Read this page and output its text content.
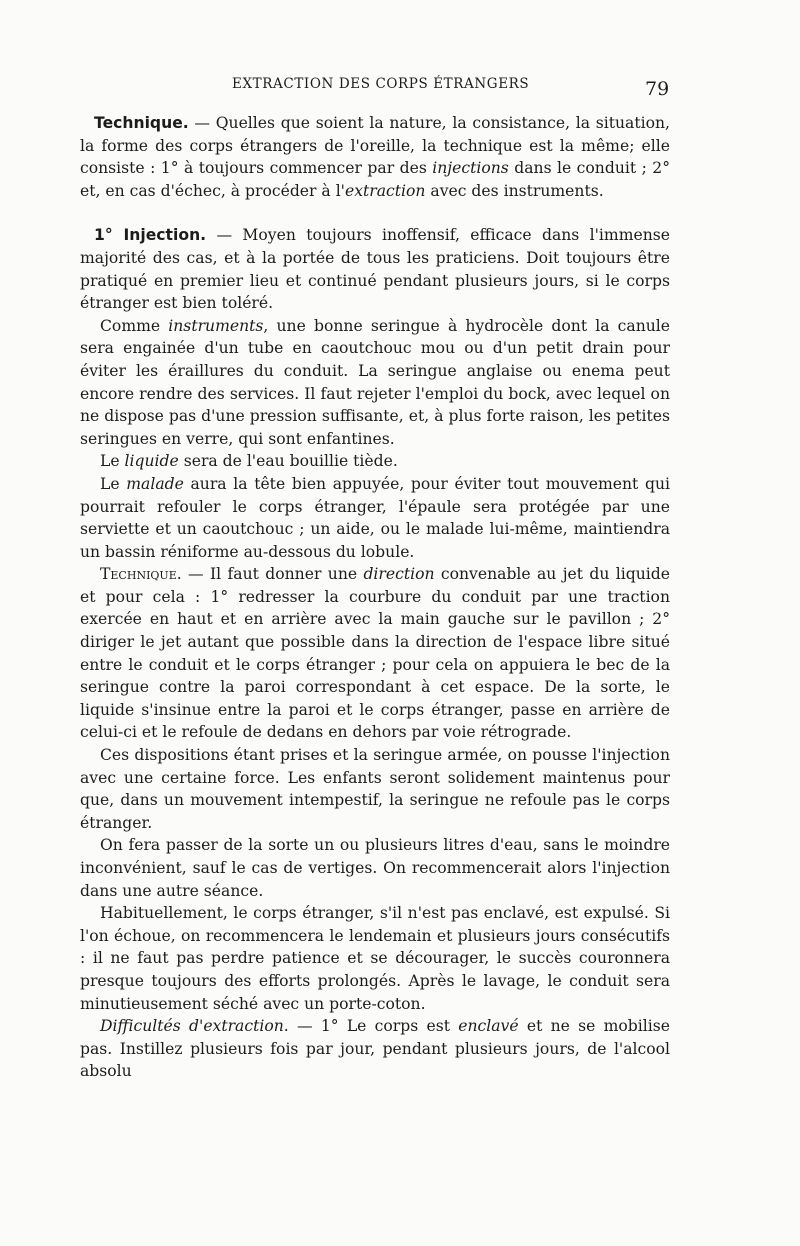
EXTRACTION DES CORPS ÉTRANGERS	79

Technique. — Quelles que soient la nature, la consistance, la situation, la forme des corps étrangers de l'oreille, la technique est la même; elle consiste : 1° à toujours commencer par des injections dans le conduit ; 2° et, en cas d'échec, à procéder à l'extraction avec des instruments.

1° Injection. — Moyen toujours inoffensif, efficace dans l'immense majorité des cas, et à la portée de tous les praticiens. Doit toujours être pratiqué en premier lieu et continué pendant plusieurs jours, si le corps étranger est bien toléré.

Comme instruments, une bonne seringue à hydrocèle dont la canule sera engainée d'un tube en caoutchouc mou ou d'un petit drain pour éviter les éraillures du conduit. La seringue anglaise ou enema peut encore rendre des services. Il faut rejeter l'emploi du bock, avec lequel on ne dispose pas d'une pression suffisante, et, à plus forte raison, les petites seringues en verre, qui sont enfantines.

Le liquide sera de l'eau bouillie tiède.

Le malade aura la tête bien appuyée, pour éviter tout mouvement qui pourrait refouler le corps étranger, l'épaule sera protégée par une serviette et un caoutchouc ; un aide, ou le malade lui-même, maintiendra un bassin réniforme au-dessous du lobule.

Technique. — Il faut donner une direction convenable au jet du liquide et pour cela : 1° redresser la courbure du conduit par une traction exercée en haut et en arrière avec la main gauche sur le pavillon ; 2° diriger le jet autant que possible dans la direction de l'espace libre situé entre le conduit et le corps étranger ; pour cela on appuiera le bec de la seringue contre la paroi correspondant à cet espace. De la sorte, le liquide s'insinue entre la paroi et le corps étranger, passe en arrière de celui-ci et le refoule de dedans en dehors par voie rétrograde.

Ces dispositions étant prises et la seringue armée, on pousse l'injection avec une certaine force. Les enfants seront solidement maintenus pour que, dans un mouvement intempestif, la seringue ne refoule pas le corps étranger.

On fera passer de la sorte un ou plusieurs litres d'eau, sans le moindre inconvénient, sauf le cas de vertiges. On recommencerait alors l'injection dans une autre séance.

Habituellement, le corps étranger, s'il n'est pas enclavé, est expulsé. Si l'on échoue, on recommencera le lendemain et plusieurs jours consécutifs : il ne faut pas perdre patience et se décourager, le succès couronnera presque toujours des efforts prolongés. Après le lavage, le conduit sera minutieusement séché avec un porte-coton.

Difficultés d'extraction. — 1° Le corps est enclavé et ne se mobilise pas. Instillez plusieurs fois par jour, pendant plusieurs jours, de l'alcool absolu
